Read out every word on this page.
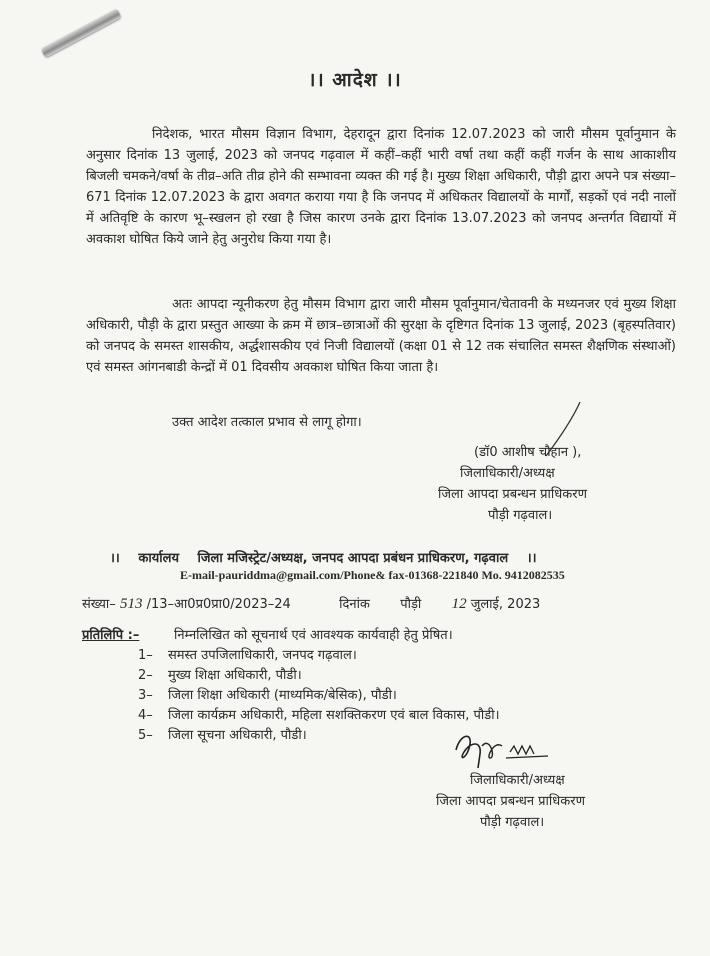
।। आदेश ।।

निदेशक, भारत मौसम विज्ञान विभाग, देहरादून द्वारा दिनांक 12.07.2023 को जारी मौसम पूर्वानुमान के अनुसार दिनांक 13 जुलाई, 2023 को जनपद गढ़वाल में कहीं–कहीं भारी वर्षा तथा कहीं कहीं गर्जन के साथ आकाशीय बिजली चमकने/वर्षा के तीव्र–अति तीव्र होने की सम्भावना व्यक्त की गई है। मुख्य शिक्षा अधिकारी, पौड़ी द्वारा अपने पत्र संख्या–671 दिनांक 12.07.2023 के द्वारा अवगत कराया गया है कि जनपद में अधिकतर विद्यालयों के मार्गों, सड़कों एवं नदी नालों में अतिवृष्टि के कारण भू–स्खलन हो रखा है जिस कारण उनके द्वारा दिनांक 13.07.2023 को जनपद अन्तर्गत विद्यायों में अवकाश घोषित किये जाने हेतु अनुरोध किया गया है।

अतः आपदा न्यूनीकरण हेतु मौसम विभाग द्वारा जारी मौसम पूर्वानुमान/चेतावनी के मध्यनजर एवं मुख्य शिक्षा अधिकारी, पौड़ी के द्वारा प्रस्तुत आख्या के क्रम में छात्र–छात्राओं की सुरक्षा के दृष्टिगत दिनांक 13 जुलाई, 2023 (बृहस्पतिवार) को जनपद के समस्त शासकीय, अर्द्धशासकीय एवं निजी विद्यालयों (कक्षा 01 से 12 तक संचालित समस्त शैक्षणिक संस्थाओं) एवं समस्त आंगनबाडी केन्द्रों में 01 दिवसीय अवकाश घोषित किया जाता है।

उक्त आदेश तत्काल प्रभाव से लागू होगा।

(डॉ0 आशीष चौहान ),
जिलाधिकारी/अध्यक्ष
जिला आपदा प्रबन्धन प्राधिकरण
पौड़ी गढ़वाल।
।। कार्यालय जिला मजिस्ट्रेट/अध्यक्ष, जनपद आपदा प्रबंधन प्राधिकरण, गढ़वाल ।।
E-mail-pauriddma@gmail.com/Phone& fax-01368-221840 Mo. 9412082535
संख्या– 513 /13–आ0प्र0प्रा0/2023–24	दिनांक पौड़ी 12 जुलाई, 2023
प्रतिलिपि :–	निम्नलिखित को सूचनार्थ एवं आवश्यक कार्यवाही हेतु प्रेषित।
1–	समस्त उपजिलाधिकारी, जनपद गढ़वाल।
2–	मुख्य शिक्षा अधिकारी, पौडी।
3–	जिला शिक्षा अधिकारी (माध्यमिक/बेसिक), पौडी।
4–	जिला कार्यक्रम अधिकारी, महिला सशक्तिकरण एवं बाल विकास, पौडी।
5–	जिला सूचना अधिकारी, पौडी।
जिलाधिकारी/अध्यक्ष
जिला आपदा प्रबन्धन प्राधिकरण
पौड़ी गढ़वाल।
